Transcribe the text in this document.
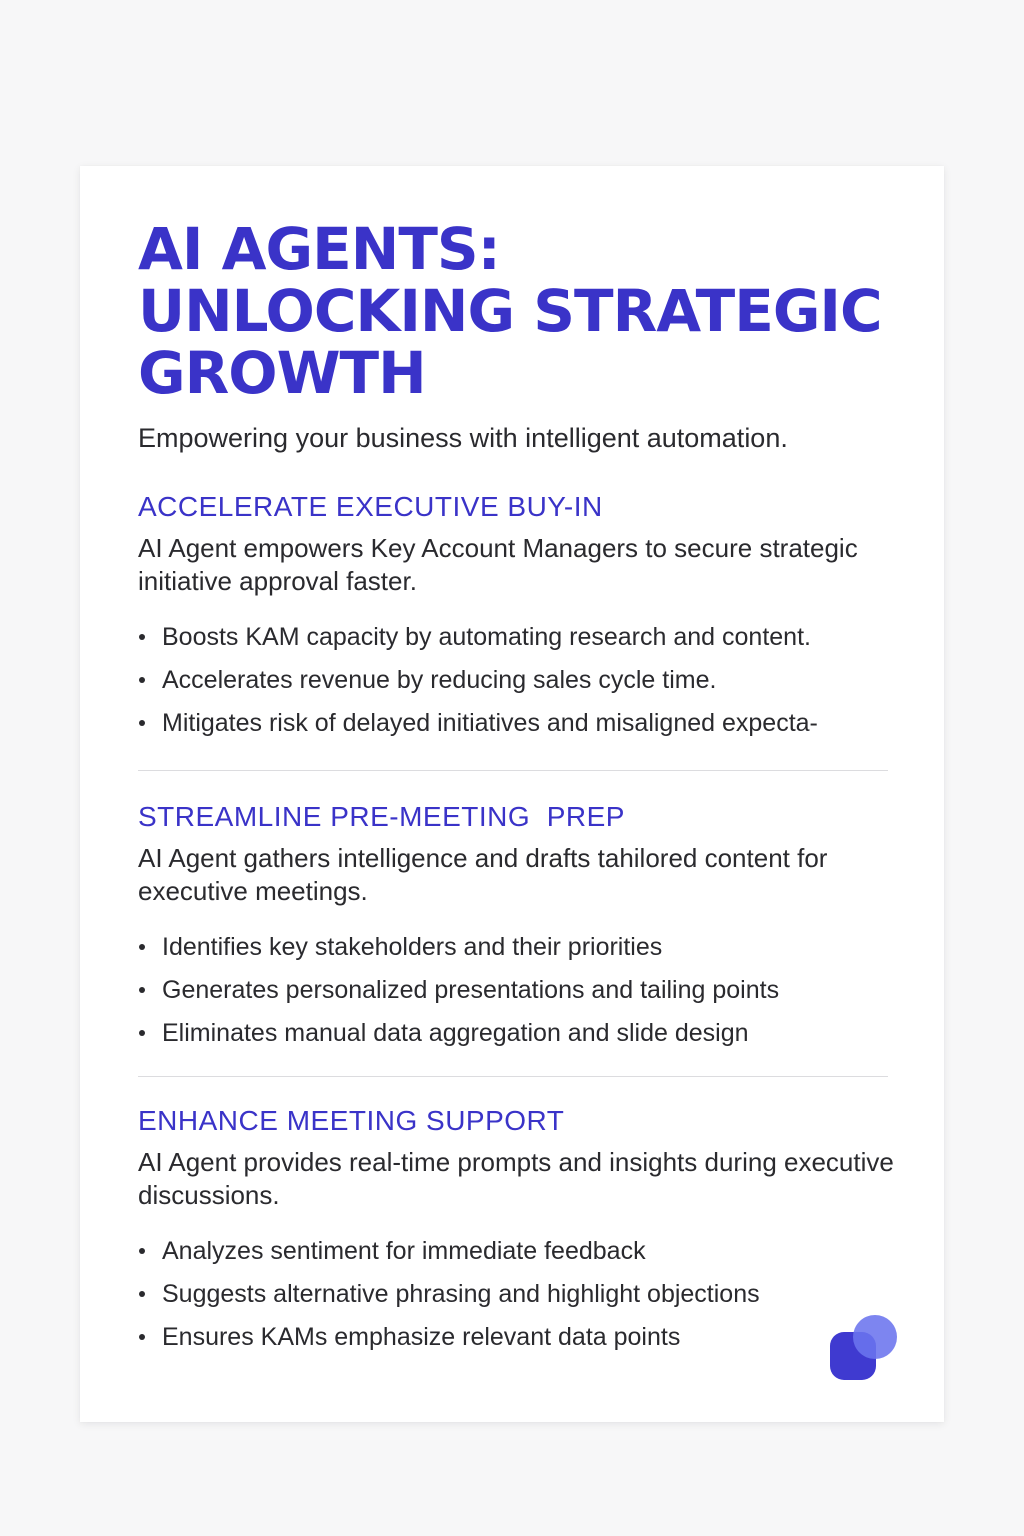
AI AGENTS:
UNLOCKING STRATEGIC
GROWTH

Empowering your business with intelligent automation.

ACCELERATE EXECUTIVE BUY-IN

AI Agent empowers Key Account Managers to secure strategic initiative approval faster.

Boosts KAM capacity by automating research and content.
Accelerates revenue by reducing sales cycle time.
Mitigates risk of delayed initiatives and misaligned expecta-
STREAMLINE PRE-MEETING  PREP

AI Agent gathers intelligence and drafts tahilored content for executive meetings.

Identifies key stakeholders and their priorities
Generates personalized presentations and tailing points
Eliminates manual data aggregation and slide design
ENHANCE MEETING SUPPORT

AI Agent provides real-time prompts and insights during executive discussions.

Analyzes sentiment for immediate feedback
Suggests alternative phrasing and highlight objections
Ensures KAMs emphasize relevant data points
